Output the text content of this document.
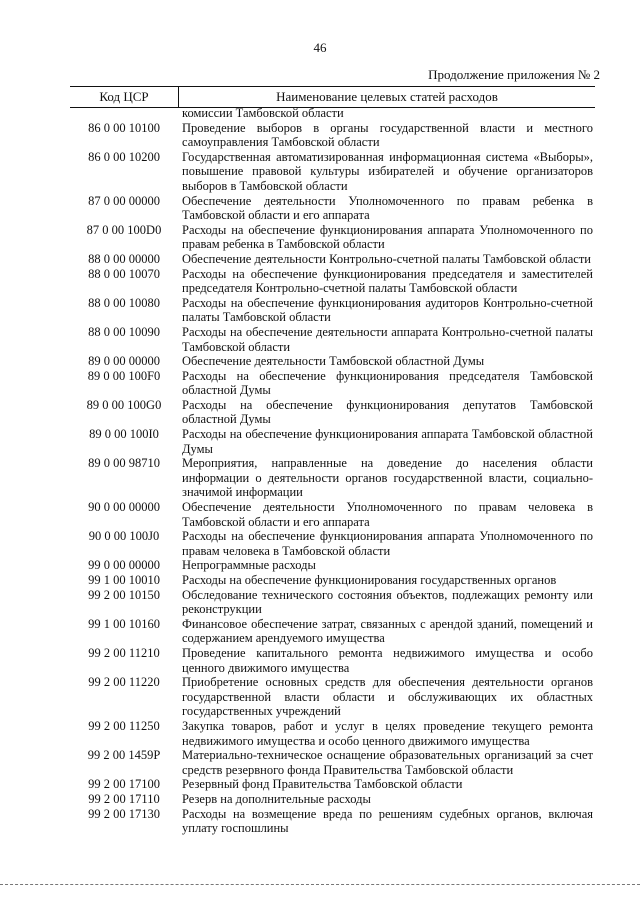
46
Продолжение приложения № 2
Код ЦСР	Наименование целевых статей расходов
комиссии Тамбовской области
86 0 00 10100	Проведение выборов в органы государственной власти и местного самоуправления Тамбовской области
86 0 00 10200	Государственная автоматизированная информационная система «Выборы», повышение правовой культуры избирателей и обучение организаторов выборов в Тамбовской области
87 0 00 00000	Обеспечение деятельности Уполномоченного по правам ребенка в Тамбовской области и его аппарата
87 0 00 100D0	Расходы на обеспечение функционирования аппарата Уполномоченного по правам ребенка в Тамбовской области
88 0 00 00000	Обеспечение деятельности Контрольно-счетной палаты Тамбовской области
88 0 00 10070	Расходы на обеспечение функционирования председателя и заместителей председателя Контрольно-счетной палаты Тамбовской области
88 0 00 10080	Расходы на обеспечение функционирования аудиторов Контрольно-счетной палаты Тамбовской области
88 0 00 10090	Расходы на обеспечение деятельности аппарата Контрольно-счетной палаты Тамбовской области
89 0 00 00000	Обеспечение деятельности Тамбовской областной Думы
89 0 00 100F0	Расходы на обеспечение функционирования председателя Тамбовской областной Думы
89 0 00 100G0	Расходы на обеспечение функционирования депутатов Тамбовской областной Думы
89 0 00 100I0	Расходы на обеспечение функционирования аппарата Тамбовской областной Думы
89 0 00 98710	Мероприятия, направленные на доведение до населения области информации о деятельности органов государственной власти, социально-значимой информации
90 0 00 00000	Обеспечение деятельности Уполномоченного по правам человека в Тамбовской области и его аппарата
90 0 00 100J0	Расходы на обеспечение функционирования аппарата Уполномоченного по правам человека в Тамбовской области
99 0 00 00000	Непрограммные расходы
99 1 00 10010	Расходы на обеспечение функционирования государственных органов
99 2 00 10150	Обследование технического состояния объектов, подлежащих ремонту или реконструкции
99 1 00 10160	Финансовое обеспечение затрат, связанных с арендой зданий, помещений и содержанием арендуемого имущества
99 2 00 11210	Проведение капитального ремонта недвижимого имущества и особо ценного движимого имущества
99 2 00 11220	Приобретение основных средств для обеспечения деятельности органов государственной власти области и обслуживающих их областных государственных учреждений
99 2 00 11250	Закупка товаров, работ и услуг в целях проведение текущего ремонта недвижимого имущества и особо ценного движимого имущества
99 2 00 1459P	Материально-техническое оснащение образовательных организаций за счет средств резервного фонда Правительства Тамбовской области
99 2 00 17100	Резервный фонд Правительства Тамбовской области
99 2 00 17110	Резерв на дополнительные расходы
99 2 00 17130	Расходы на возмещение вреда по решениям судебных органов, включая уплату госпошлины
